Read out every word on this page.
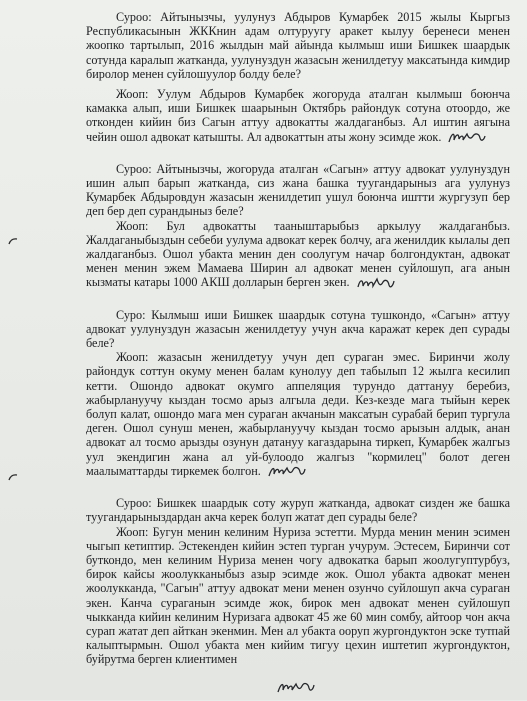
Суроо: Айтынызчы, уулунуз Абдыров Кумарбек 2015 жылы Кыргыз Республикасынын ЖККнин адам олтуруугу аракет кылуу беренеси менен жоопко тартылып, 2016 жылдын май айында кылмыш иши Бишкек шаардык сотунда каралып жатканда, уулунуздун жазасын женилдетуу максатында кимдир биролор менен суйлошуулор болду беле?

Жооп: Уулум Абдыров Кумарбек жогоруда аталган кылмыш боюнча камакка алып, иши Бишкек шаарынын Октябрь райондук сотуна отоордо, же отконден кийин биз Сагын аттуу адвокатты жалдаганбыз. Ал иштин аягына чейин ошол адвокат катышты. Ал адвокаттын аты жону эсимде жок.

Суроо: Айтынызчы, жогоруда аталган «Сагын» аттуу адвокат уулунуздун ишин алып барып жатканда, сиз жана башка туугандарыныз ага уулунуз Кумарбек Абдыровдун жазасын женилдетип ушул боюнча иштти жургузуп бер деп бер деп сурандыныз беле?

Жооп: Бул адвокатты тааныштарыбыз аркылуу жалдаганбыз. Жалдаганыбыздын себеби уулума адвокат керек болчу, ага женилдик кылалы деп жалдаганбыз. Ошол убакта менин ден соолугум начар болгондуктан, адвокат менен менин эжем Мамаева Ширин ал адвокат менен суйлошуп, ага анын кызматы катары 1000 АКШ долларын берген экен.

Суро: Кылмыш иши Бишкек шаардык сотуна тушкондо, «Сагын» аттуу адвокат уулунуздун жазасын женилдетуу учун акча каражат керек деп сурады беле?

Жооп: жазасын женилдетуу учун деп сураган эмес. Биринчи жолу райондук соттун окуму менен балам кунолуу деп табылып 12 жылга кесилип кетти. Ошондо адвокат окумго аппеляция турундо даттануу беребиз, жабырлануучу кыздан тосмо арыз алгыла деди. Кез-кезде мага тыйын керек болуп калат, ошондо мага мен сураган акчанын максатын сурабай берип тургула деген. Ошол сунуш менен, жабырлануучу кыздан тосмо арызын алдык, анан адвокат ал тосмо арызды озунун датануу кагаздарына тиркеп, Кумарбек жалгыз уул экендигин жана ал уй-булоодо жалгыз "кормилец" болот деген маалыматтарды тиркемек болгон.

Суроо: Бишкек шаардык соту журуп жатканда, адвокат сизден же башка туугандарыныздардан акча керек болуп жатат деп сурады беле?

Жооп: Бугун менин келиним Нуриза эстетти. Мурда менин менин эсимен чыгып кетиптир. Эстекенден кийин эстеп турган учурум. Эстесем, Биринчи сот буткондо, мен келиним Нуриза менен чогу адвокатка барып жоолугуптурбуз, бирок кайсы жоолукканыбыз азыр эсимде жок. Ошол убакта адвокат менен жоолукканда, "Сагын" аттуу адвокат мени менен озунчо суйлошуп акча сураган экен. Канча сураганын эсимде жок, бирок мен адвокат менен суйлошуп чыкканда кийин келиним Нуризага адвокат 45 же 60 мин сомбу, айтоор чон акча сурап жатат деп айткан экенмин. Мен ал убакта ооруп жургондуктон эске тутпай калыптырмын. Ошол убакта мен кийим тигуу цехин иштетип жургондуктон, буйрутма берген клиентимен
